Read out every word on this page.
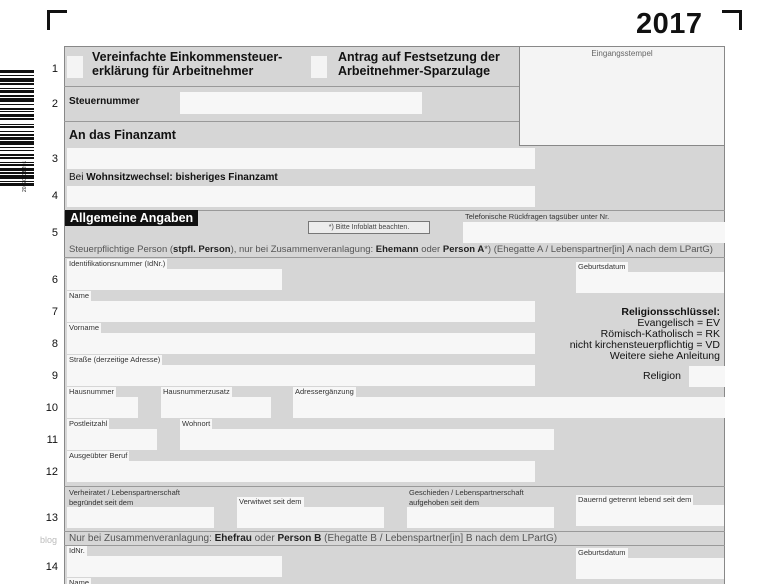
2017
2017003B201
Eingangsstempel
1
2
3
4
5
6
7
8
9
10
11
12
13
14
Vereinfachte Einkommensteuer-
erklärung für Arbeitnehmer
Antrag auf Festsetzung der
Arbeitnehmer-Sparzulage
Steuernummer
An das Finanzamt
Bei Wohnsitzwechsel: bisheriges Finanzamt
Allgemeine Angaben
*) Bitte Infoblatt beachten.
Telefonische Rückfragen tagsüber unter Nr.
Steuerpflichtige Person (stpfl. Person), nur bei Zusammenveranlagung: Ehemann oder Person A*) (Ehegatte A / Lebenspartner[in] A nach dem LPartG)
Identifikationsnummer (IdNr.)	Geburtsdatum
Name
Religionsschlüssel:
Evangelisch = EV
Römisch-Katholisch = RK
nicht kirchensteuerpflichtig = VD
Weitere siehe Anleitung
Vorname
Straße (derzeitige Adresse)
Religion
Hausnummer	Hausnummerzusatz	Adressergänzung
Postleitzahl	Wohnort
Ausgeübter Beruf
Verheiratet / Lebenspartnerschaft
begründet seit dem	Verwitwet seit dem
Geschieden / Lebenspartnerschaft
aufgehoben seit dem	Dauernd getrennt lebend seit dem
blog Nur bei Zusammenveranlagung: Ehefrau oder Person B (Ehegatte B / Lebenspartner[in] B nach dem LPartG)
IdNr.	Geburtsdatum
Name
